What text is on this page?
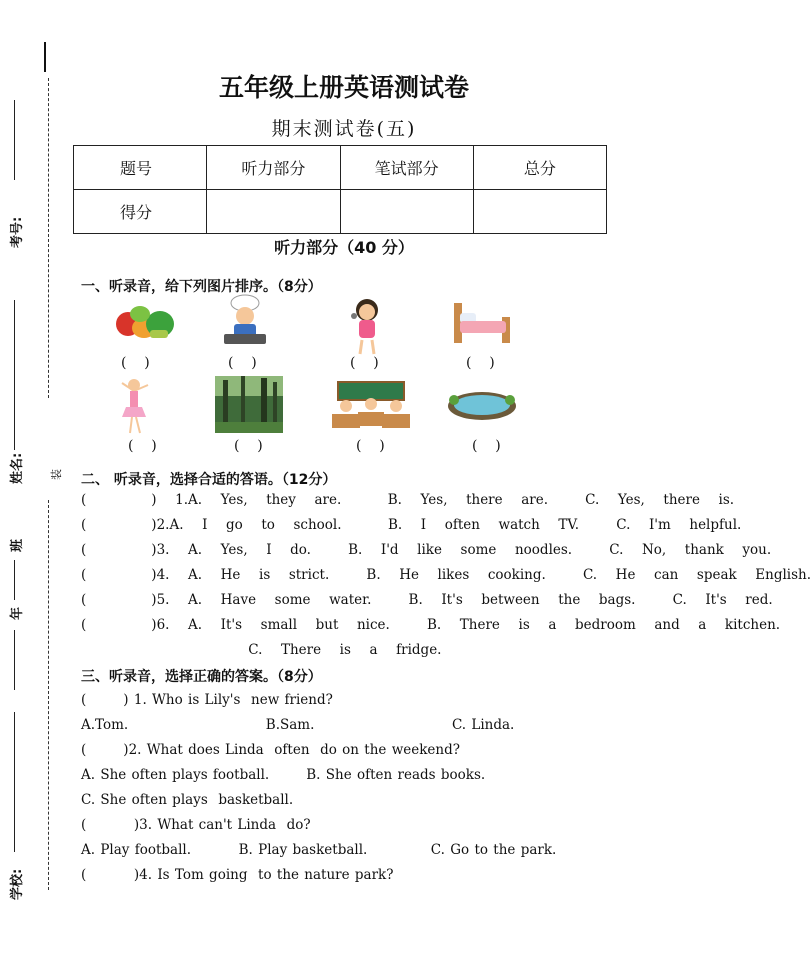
装
考号:
姓名:
班
年
学校:
五年级上册英语测试卷
期末测试卷(五)
题号	听力部分	笔试部分	总分
得分			
听力部分（40 分）
一、听录音，给下列图片排序。（8分）
(    )	(    )	(    )	(    )
(    )	(    )	(    )	(    )
二、 听录音，选择合适的答语。（12分）
(       )  1.A.  Yes,  they  are.     B.  Yes,  there  are.    C.  Yes,  there  is.
(       )2.A.  I  go  to  school.     B.  I  often  watch  TV.    C.  I'm  helpful.
(       )3.  A.  Yes,  I  do.    B.  I'd  like  some  noodles.    C.  No,  thank  you.
(       )4.  A.  He  is  strict.    B.  He  likes  cooking.    C.  He  can  speak  English.
(       )5.  A.  Have  some  water.    B.  It's  between  the  bags.    C.  It's  red.
(       )6.  A.  It's  small  but  nice.    B.  There  is  a  bedroom  and  a  kitchen.
C.  There  is  a  fridge.
三、听录音，选择正确的答案。（8分）
(       ) 1. Who is Lily's  new friend?
A.Tom.                          B.Sam.                          C. Linda.
(       )2. What does Linda  often  do on the weekend?
A. She often plays football.       B. She often reads books.
C. She often plays  basketball.
(         )3. What can't Linda  do?
A. Play football.         B. Play basketball.            C. Go to the park.
(         )4. Is Tom going  to the nature park?
